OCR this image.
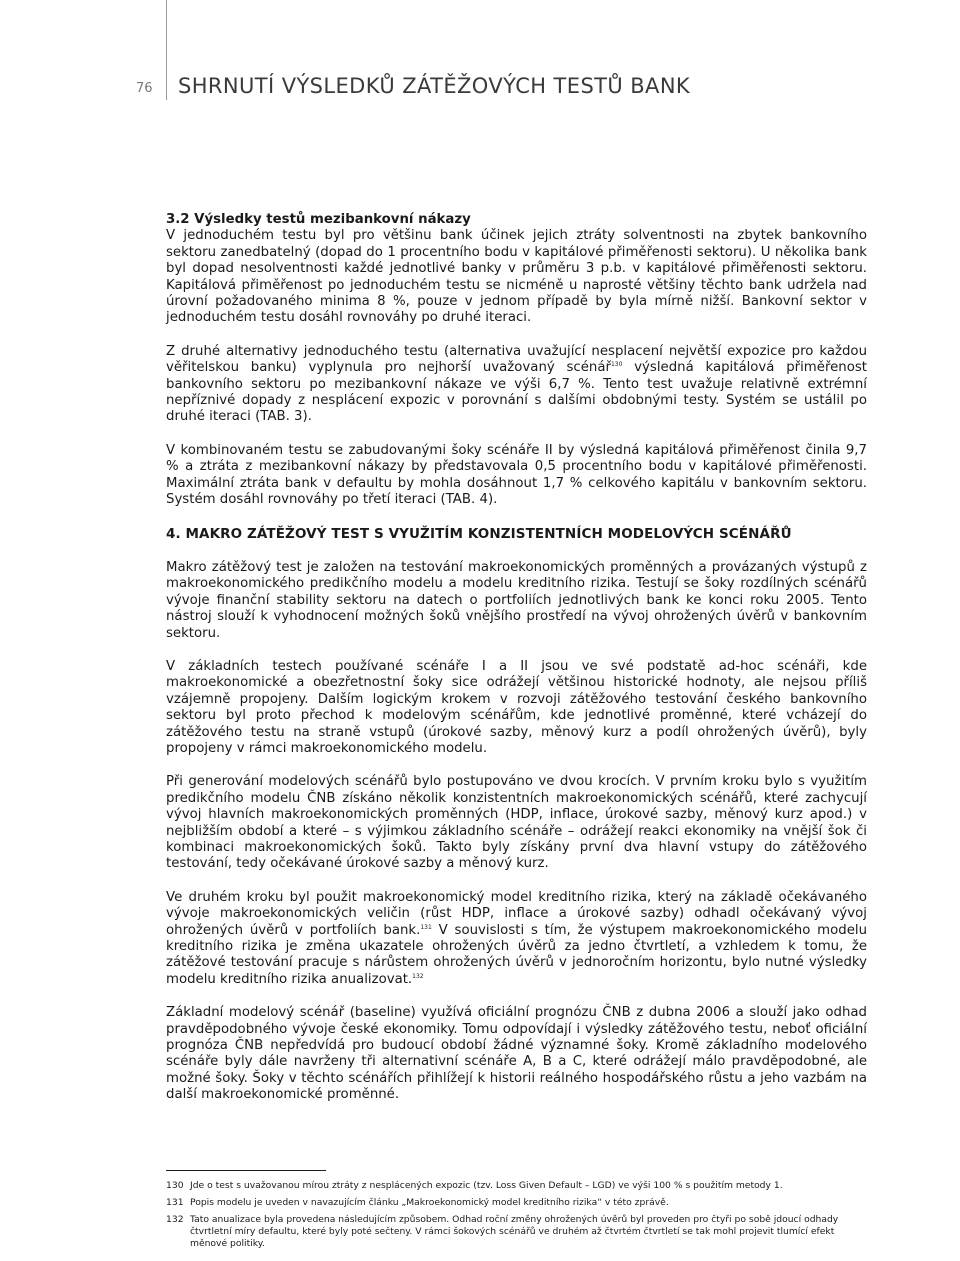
76 SHRNUTÍ VÝSLEDKŮ ZÁTĚŽOVÝCH TESTŮ BANK
3.2 Výsledky testů mezibankovní nákazy

V jednoduchém testu byl pro většinu bank účinek jejich ztráty solventnosti na zbytek bankovního sektoru zanedbatelný (dopad do 1 procentního bodu v kapitálové přiměřenosti sektoru). U několika bank byl dopad nesolventnosti každé jednotlivé banky v průměru 3 p.b. v kapitálové přiměřenosti sektoru. Kapitálová přiměřenost po jednoduchém testu se nicméně u naprosté většiny těchto bank udržela nad úrovní požadovaného minima 8 %, pouze v jednom případě by byla mírně nižší. Bankovní sektor v jednoduchém testu dosáhl rovnováhy po druhé iteraci.

Z druhé alternativy jednoduchého testu (alternativa uvažující nesplacení největší expozice pro každou věřitelskou banku) vyplynula pro nejhorší uvažovaný scénář$^{130}$ výsledná kapitálová přiměřenost bankovního sektoru po mezibankovní nákaze ve výši 6,7 %. Tento test uvažuje relativně extrémní nepříznivé dopady z nesplácení expozic v porovnání s dalšími obdobnými testy. Systém se ustálil po druhé iteraci (TAB. 3).

V kombinovaném testu se zabudovanými šoky scénáře II by výsledná kapitálová přiměřenost činila 9,7 % a ztráta z mezibankovní nákazy by představovala 0,5 procentního bodu v kapitálové přiměřenosti. Maximální ztráta bank v defaultu by mohla dosáhnout 1,7 % celkového kapitálu v bankovním sektoru. Systém dosáhl rovnováhy po třetí iteraci (TAB. 4).

4. MAKRO ZÁTĚŽOVÝ TEST S VYUŽITÍM KONZISTENTNÍCH MODELOVÝCH SCÉNÁŘŮ

Makro zátěžový test je založen na testování makroekonomických proměnných a provázaných výstupů z makroekonomického predikčního modelu a modelu kreditního rizika. Testují se šoky rozdílných scénářů vývoje finanční stability sektoru na datech o portfoliích jednotlivých bank ke konci roku 2005. Tento nástroj slouží k vyhodnocení možných šoků vnějšího prostředí na vývoj ohrožených úvěrů v bankovním sektoru.

V základních testech používané scénáře I a II jsou ve své podstatě ad-hoc scénáři, kde makroekonomické a obezřetnostní šoky sice odrážejí většinou historické hodnoty, ale nejsou příliš vzájemně propojeny. Dalším logickým krokem v rozvoji zátěžového testování českého bankovního sektoru byl proto přechod k modelovým scénářům, kde jednotlivé proměnné, které vcházejí do zátěžového testu na straně vstupů (úrokové sazby, měnový kurz a podíl ohrožených úvěrů), byly propojeny v rámci makroekonomického modelu.

Při generování modelových scénářů bylo postupováno ve dvou krocích. V prvním kroku bylo s využitím predikčního modelu ČNB získáno několik konzistentních makroekonomických scénářů, které zachycují vývoj hlavních makroekonomických proměnných (HDP, inflace, úrokové sazby, měnový kurz apod.) v nejbližším období a které – s výjimkou základního scénáře – odrážejí reakci ekonomiky na vnější šok či kombinaci makroekonomických šoků. Takto byly získány první dva hlavní vstupy do zátěžového testování, tedy očekávané úrokové sazby a měnový kurz.

Ve druhém kroku byl použit makroekonomický model kreditního rizika, který na základě očekávaného vývoje makroekonomických veličin (růst HDP, inflace a úrokové sazby) odhadl očekávaný vývoj ohrožených úvěrů v portfoliích bank.$^{131}$ V souvislosti s tím, že výstupem makroekonomického modelu kreditního rizika je změna ukazatele ohrožených úvěrů za jedno čtvrtletí, a vzhledem k tomu, že zátěžové testování pracuje s nárůstem ohrožených úvěrů v jednoročním horizontu, bylo nutné výsledky modelu kreditního rizika anualizovat.$^{132}$

Základní modelový scénář (baseline) využívá oficiální prognózu ČNB z dubna 2006 a slouží jako odhad pravděpodobného vývoje české ekonomiky. Tomu odpovídají i výsledky zátěžového testu, neboť oficiální prognóza ČNB nepředvídá pro budoucí období žádné významné šoky. Kromě základního modelového scénáře byly dále navrženy tři alternativní scénáře A, B a C, které odrážejí málo pravděpodobné, ale možné šoky. Šoky v těchto scénářích přihlížejí k historii reálného hospodářského růstu a jeho vazbám na další makroekonomické proměnné.

130 Jde o test s uvažovanou mírou ztráty z nesplácených expozic (tzv. Loss Given Default – LGD) ve výši 100 % s použitím metody 1.
131 Popis modelu je uveden v navazujícím článku „Makroekonomický model kreditního rizika“ v této zprávě.
132 Tato anualizace byla provedena následujícím způsobem. Odhad roční změny ohrožených úvěrů byl proveden pro čtyři po sobě jdoucí odhady čtvrtletní míry defaultu, které byly poté sečteny. V rámci šokových scénářů ve druhém až čtvrtém čtvrtletí se tak mohl projevit tlumící efekt měnové politiky.
